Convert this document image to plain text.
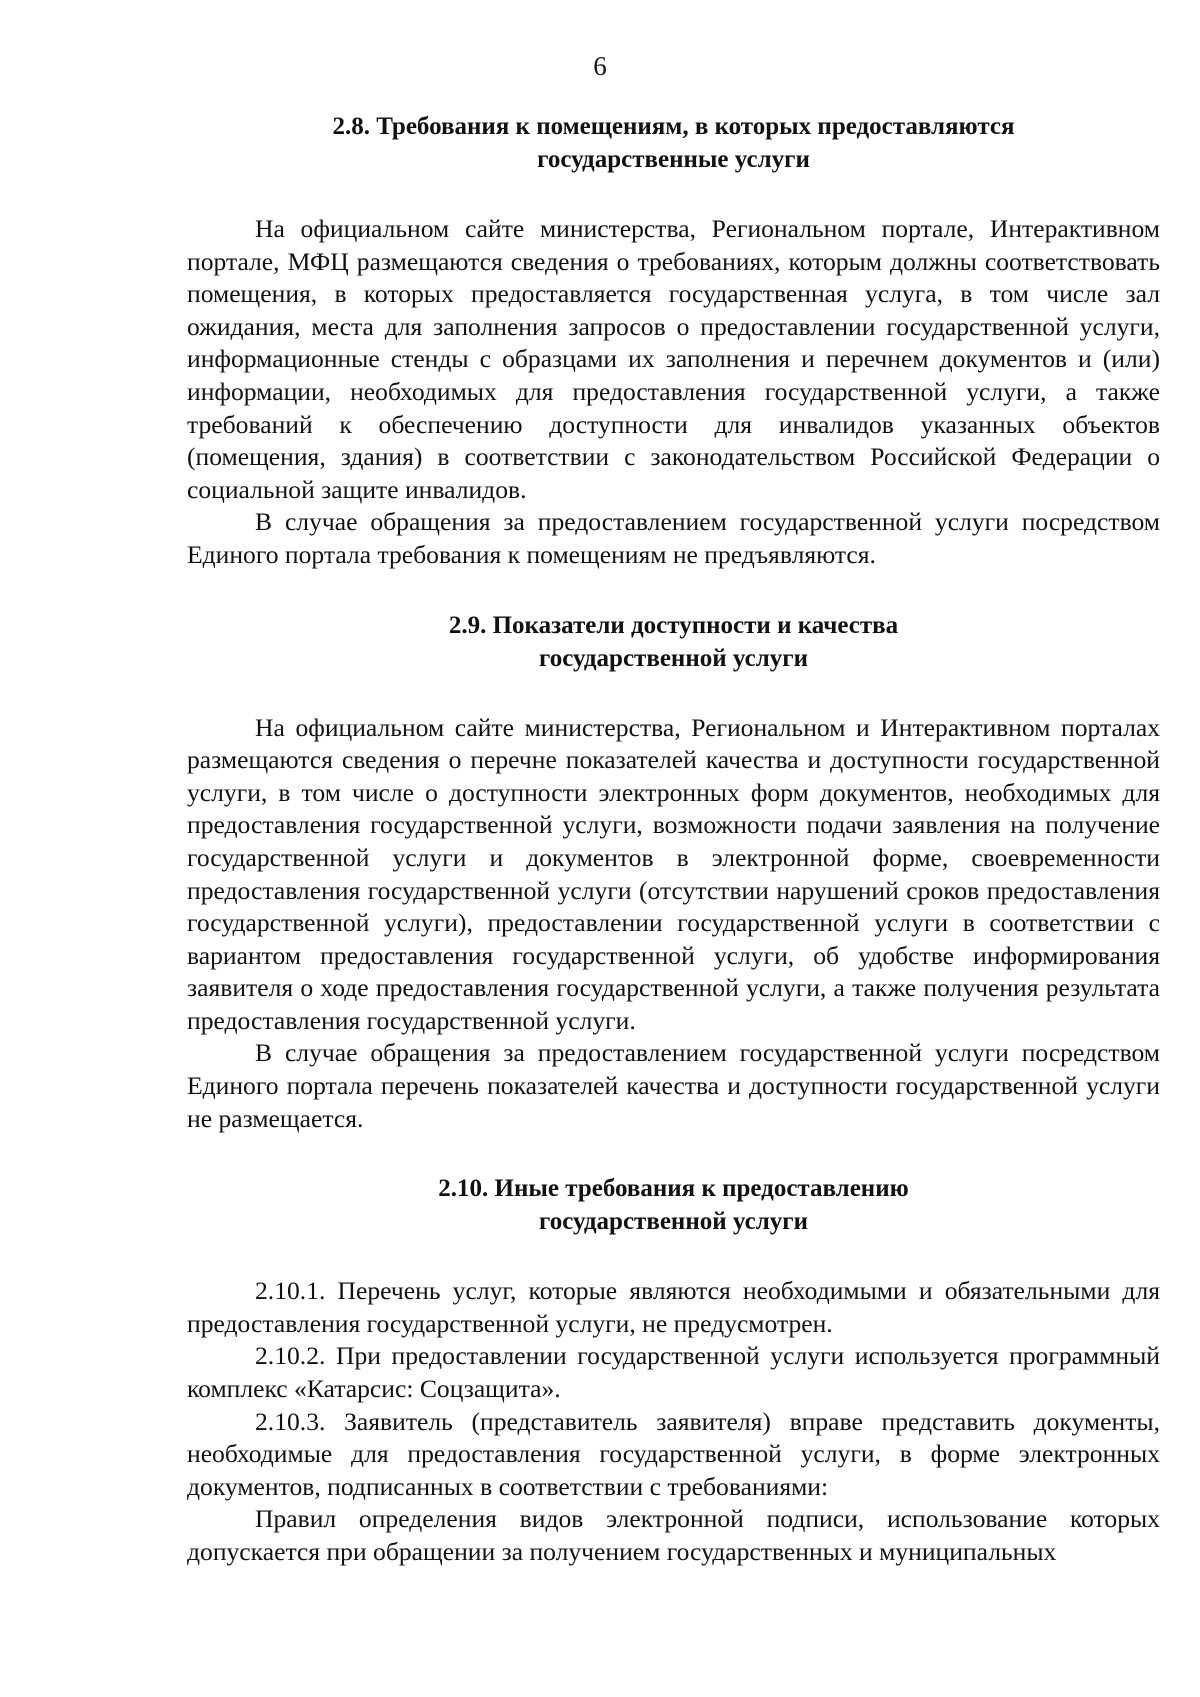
6
2.8. Требования к помещениям, в которых предоставляются
государственные услуги

На официальном сайте министерства, Региональном портале, Интерактивном портале, МФЦ размещаются сведения о требованиях, которым должны соответствовать помещения, в которых предоставляется государственная услуга, в том числе зал ожидания, места для заполнения запросов о предоставлении государственной услуги, информационные стенды с образцами их заполнения и перечнем документов и (или) информации, необходимых для предоставления государственной услуги, а также требований к обеспечению доступности для инвалидов указанных объектов (помещения, здания) в соответствии с законодательством Российской Федерации о социальной защите инвалидов.

В случае обращения за предоставлением государственной услуги посредством Единого портала требования к помещениям не предъявляются.

2.9. Показатели доступности и качества
государственной услуги

На официальном сайте министерства, Региональном и Интерактивном порталах размещаются сведения о перечне показателей качества и доступности государственной услуги, в том числе о доступности электронных форм документов, необходимых для предоставления государственной услуги, возможности подачи заявления на получение государственной услуги и документов в электронной форме, своевременности предоставления государственной услуги (отсутствии нарушений сроков предоставления государственной услуги), предоставлении государственной услуги в соответствии с вариантом предоставления государственной услуги, об удобстве информирования заявителя о ходе предоставления государственной услуги, а также получения результата предоставления государственной услуги.

В случае обращения за предоставлением государственной услуги посредством Единого портала перечень показателей качества и доступности государственной услуги не размещается.

2.10. Иные требования к предоставлению
государственной услуги

2.10.1. Перечень услуг, которые являются необходимыми и обязательными для предоставления государственной услуги, не предусмотрен.

2.10.2. При предоставлении государственной услуги используется программный комплекс «Катарсис: Соцзащита».

2.10.3. Заявитель (представитель заявителя) вправе представить документы, необходимые для предоставления государственной услуги, в форме электронных документов, подписанных в соответствии с требованиями:

Правил определения видов электронной подписи, использование которых допускается при обращении за получением государственных и муниципальных
